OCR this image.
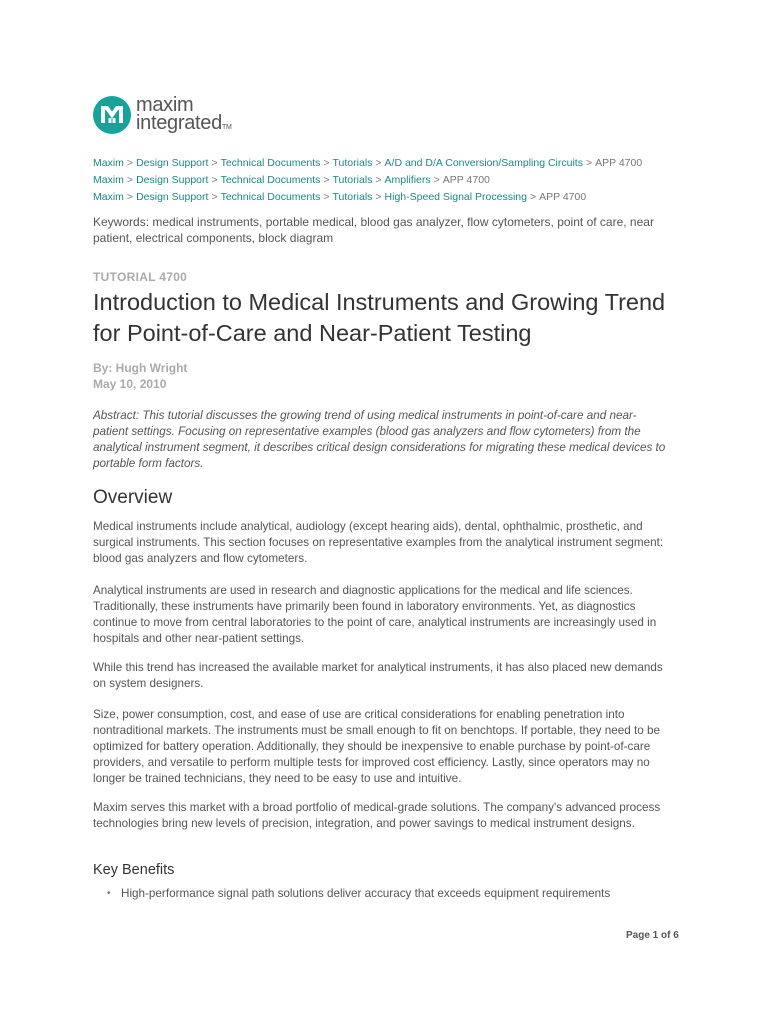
maxim
integratedTM
Maxim > Design Support > Technical Documents > Tutorials > A/D and D/A Conversion/Sampling Circuits > APP 4700
Maxim > Design Support > Technical Documents > Tutorials > Amplifiers > APP 4700
Maxim > Design Support > Technical Documents > Tutorials > High-Speed Signal Processing > APP 4700
Keywords: medical instruments, portable medical, blood gas analyzer, flow cytometers, point of care, near patient, electrical components, block diagram
TUTORIAL 4700
Introduction to Medical Instruments and Growing Trend for Point-of-Care and Near-Patient Testing
By: Hugh Wright
May 10, 2010
Abstract: This tutorial discusses the growing trend of using medical instruments in point-of-care and near-patient settings. Focusing on representative examples (blood gas analyzers and flow cytometers) from the analytical instrument segment, it describes critical design considerations for migrating these medical devices to portable form factors.
Overview

Medical instruments include analytical, audiology (except hearing aids), dental, ophthalmic, prosthetic, and surgical instruments. This section focuses on representative examples from the analytical instrument segment: blood gas analyzers and flow cytometers.

Analytical instruments are used in research and diagnostic applications for the medical and life sciences. Traditionally, these instruments have primarily been found in laboratory environments. Yet, as diagnostics continue to move from central laboratories to the point of care, analytical instruments are increasingly used in hospitals and other near-patient settings.

While this trend has increased the available market for analytical instruments, it has also placed new demands on system designers.

Size, power consumption, cost, and ease of use are critical considerations for enabling penetration into nontraditional markets. The instruments must be small enough to fit on benchtops. If portable, they need to be optimized for battery operation. Additionally, they should be inexpensive to enable purchase by point-of-care providers, and versatile to perform multiple tests for improved cost efficiency. Lastly, since operators may no longer be trained technicians, they need to be easy to use and intuitive.

Maxim serves this market with a broad portfolio of medical-grade solutions. The company's advanced process technologies bring new levels of precision, integration, and power savings to medical instrument designs.

Key Benefits
• High-performance signal path solutions deliver accuracy that exceeds equipment requirements
Page 1 of 6
